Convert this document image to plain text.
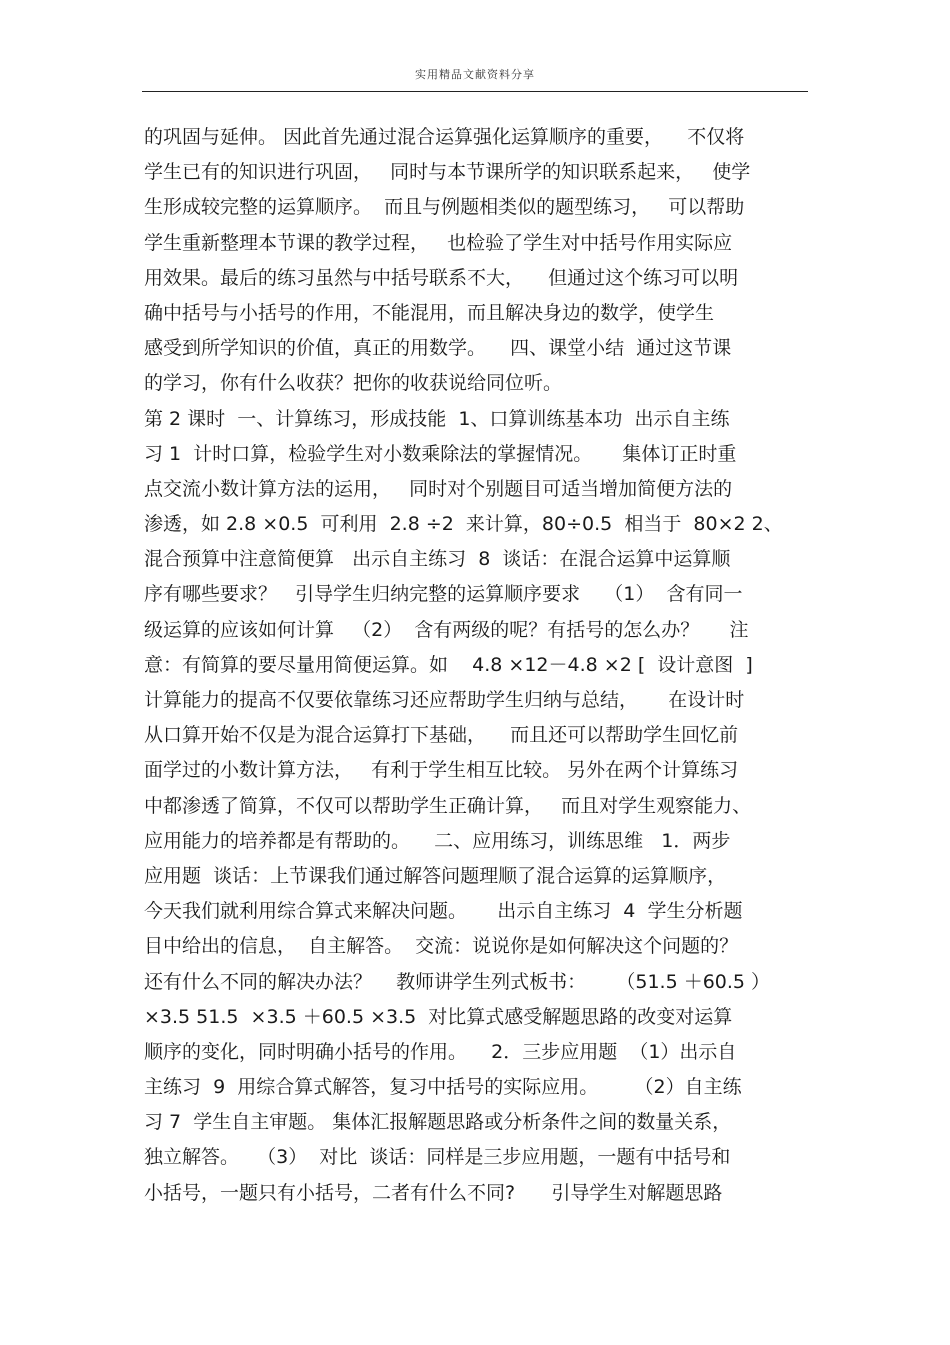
实用精品文献资料分享
的巩固与延伸。 因此首先通过混合运算强化运算顺序的重要，    不仅将
学生已有的知识进行巩固，   同时与本节课所学的知识联系起来，   使学
生形成较完整的运算顺序。  而且与例题相类似的题型练习，   可以帮助
学生重新整理本节课的教学过程，   也检验了学生对中括号作用实际应
用效果。最后的练习虽然与中括号联系不大，    但通过这个练习可以明
确中括号与小括号的作用，不能混用，而且解决身边的数学，使学生
感受到所学知识的价值，真正的用数学。    四、课堂小结  通过这节课
的学习，你有什么收获？把你的收获说给同位听。
第 2 课时  一、计算练习，形成技能  1、口算训练基本功  出示自主练
习 1  计时口算，检验学生对小数乘除法的掌握情况。     集体订正时重
点交流小数计算方法的运用，   同时对个别题目可适当增加简便方法的
渗透，如 2.8 ×0.5  可利用  2.8 ÷2  来计算，80÷0.5  相当于  80×2 2、
混合预算中注意简便算   出示自主练习  8  谈话：在混合运算中运算顺
序有哪些要求？   引导学生归纳完整的运算顺序要求    （1）  含有同一
级运算的应该如何计算   （2）  含有两级的呢？有括号的怎么办？     注
意：有简算的要尽量用简便运算。如    4.8 ×12－4.8 ×2 [  设计意图  ]
计算能力的提高不仅要依靠练习还应帮助学生归纳与总结，     在设计时
从口算开始不仅是为混合运算打下基础，    而且还可以帮助学生回忆前
面学过的小数计算方法，   有利于学生相互比较。 另外在两个计算练习
中都渗透了简算，不仅可以帮助学生正确计算，   而且对学生观察能力、
应用能力的培养都是有帮助的。    二、应用练习，训练思维   1．两步
应用题  谈话：上节课我们通过解答问题理顺了混合运算的运算顺序，
今天我们就利用综合算式来解决问题。     出示自主练习  4  学生分析题
目中给出的信息，  自主解答。  交流：说说你是如何解决这个问题的？
还有什么不同的解决办法？    教师讲学生列式板书：     （51.5 ＋60.5 ）
×3.5 51.5  ×3.5 ＋60.5 ×3.5  对比算式感受解题思路的改变对运算
顺序的变化，同时明确小括号的作用。    2．三步应用题  （1）出示自
主练习  9  用综合算式解答，复习中括号的实际应用。      （2）自主练
习 7  学生自主审题。 集体汇报解题思路或分析条件之间的数量关系，
独立解答。   （3）  对比  谈话：同样是三步应用题，一题有中括号和
小括号，一题只有小括号，二者有什么不同?      引导学生对解题思路
